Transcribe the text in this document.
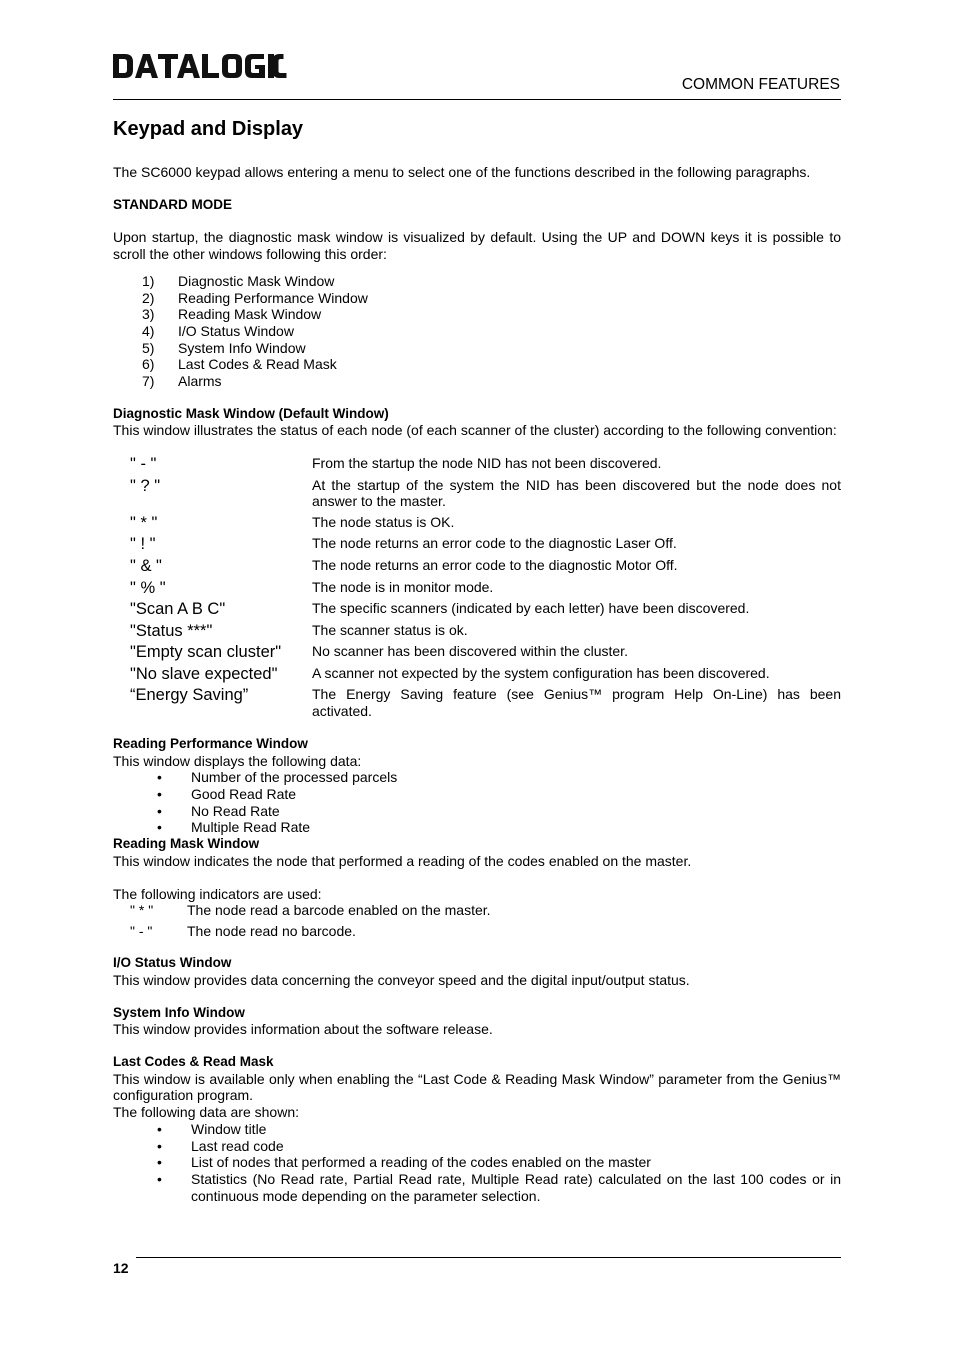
COMMON FEATURES
Keypad and Display

The SC6000 keypad allows entering a menu to select one of the functions described in the following paragraphs.

STANDARD MODE

Upon startup, the diagnostic mask window is visualized by default. Using the UP and DOWN keys it is possible to scroll the other windows following this order:

1)	Diagnostic Mask Window
2)	Reading Performance Window
3)	Reading Mask Window
4)	I/O Status Window
5)	System Info Window
6)	Last Codes & Read Mask
7)	Alarms
Diagnostic Mask Window (Default Window)

This window illustrates the status of each node (of each scanner of the cluster) according to the following convention:

" - "	From the startup the node NID has not been discovered.
" ? "	At the startup of the system the NID has been discovered but the node does not answer to the master.
" * "	The node status is OK.
" ! "	The node returns an error code to the diagnostic Laser Off.
" & "	The node returns an error code to the diagnostic Motor Off.
" % "	The node is in monitor mode.
"Scan A B C"	The specific scanners (indicated by each letter) have been discovered.
"Status ***"	The scanner status is ok.
"Empty scan cluster"	No scanner has been discovered within the cluster.
"No slave expected"	A scanner not expected by the system configuration has been discovered.
“Energy Saving”	The Energy Saving feature (see Genius™ program Help On-Line) has been activated.
Reading Performance Window

This window displays the following data:

•	Number of the processed parcels
•	Good Read Rate
•	No Read Rate
•	Multiple Read Rate
Reading Mask Window

This window indicates the node that performed a reading of the codes enabled on the master.

The following indicators are used:

" * "	The node read a barcode enabled on the master.
" - "	The node read no barcode.
I/O Status Window

This window provides data concerning the conveyor speed and the digital input/output status.

System Info Window

This window provides information about the software release.

Last Codes & Read Mask

This window is available only when enabling the “Last Code & Reading Mask Window” parameter from the Genius™ configuration program.

The following data are shown:

•	Window title
•	Last read code
•	List of nodes that performed a reading of the codes enabled on the master
•	Statistics (No Read rate, Partial Read rate, Multiple Read rate) calculated on the last 100 codes or in continuous mode depending on the parameter selection.
12
